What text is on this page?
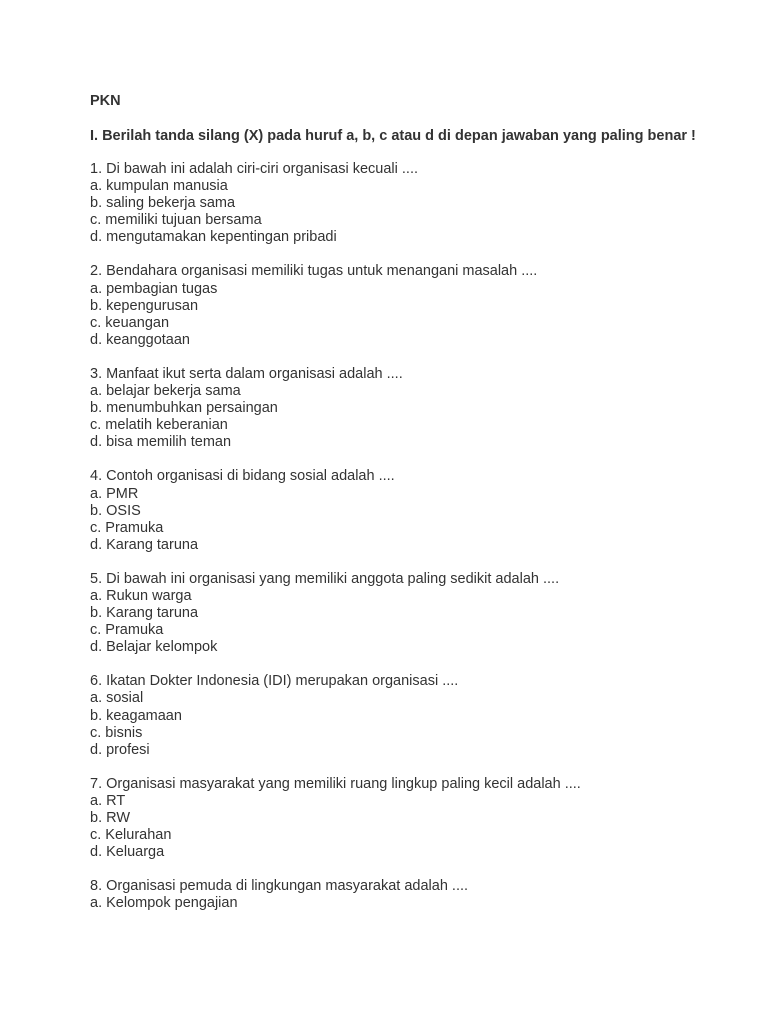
PKN
I. Berilah tanda silang (X) pada huruf a, b, c atau d di depan jawaban yang paling benar !
1. Di bawah ini adalah ciri-ciri organisasi kecuali ....
a. kumpulan manusia
b. saling bekerja sama
c. memiliki tujuan bersama
d. mengutamakan kepentingan pribadi
2. Bendahara organisasi memiliki tugas untuk menangani masalah ....
a. pembagian tugas
b. kepengurusan
c. keuangan
d. keanggotaan
3. Manfaat ikut serta dalam organisasi adalah ....
a. belajar bekerja sama
b. menumbuhkan persaingan
c. melatih keberanian
d. bisa memilih teman
4. Contoh organisasi di bidang sosial adalah ....
a. PMR
b. OSIS
c. Pramuka
d. Karang taruna
5. Di bawah ini organisasi yang memiliki anggota paling sedikit adalah ....
a. Rukun warga
b. Karang taruna
c. Pramuka
d. Belajar kelompok
6. Ikatan Dokter Indonesia (IDI) merupakan organisasi ....
a. sosial
b. keagamaan
c. bisnis
d. profesi
7. Organisasi masyarakat yang memiliki ruang lingkup paling kecil adalah ....
a. RT
b. RW
c. Kelurahan
d. Keluarga
8. Organisasi pemuda di lingkungan masyarakat adalah ....
a. Kelompok pengajian
